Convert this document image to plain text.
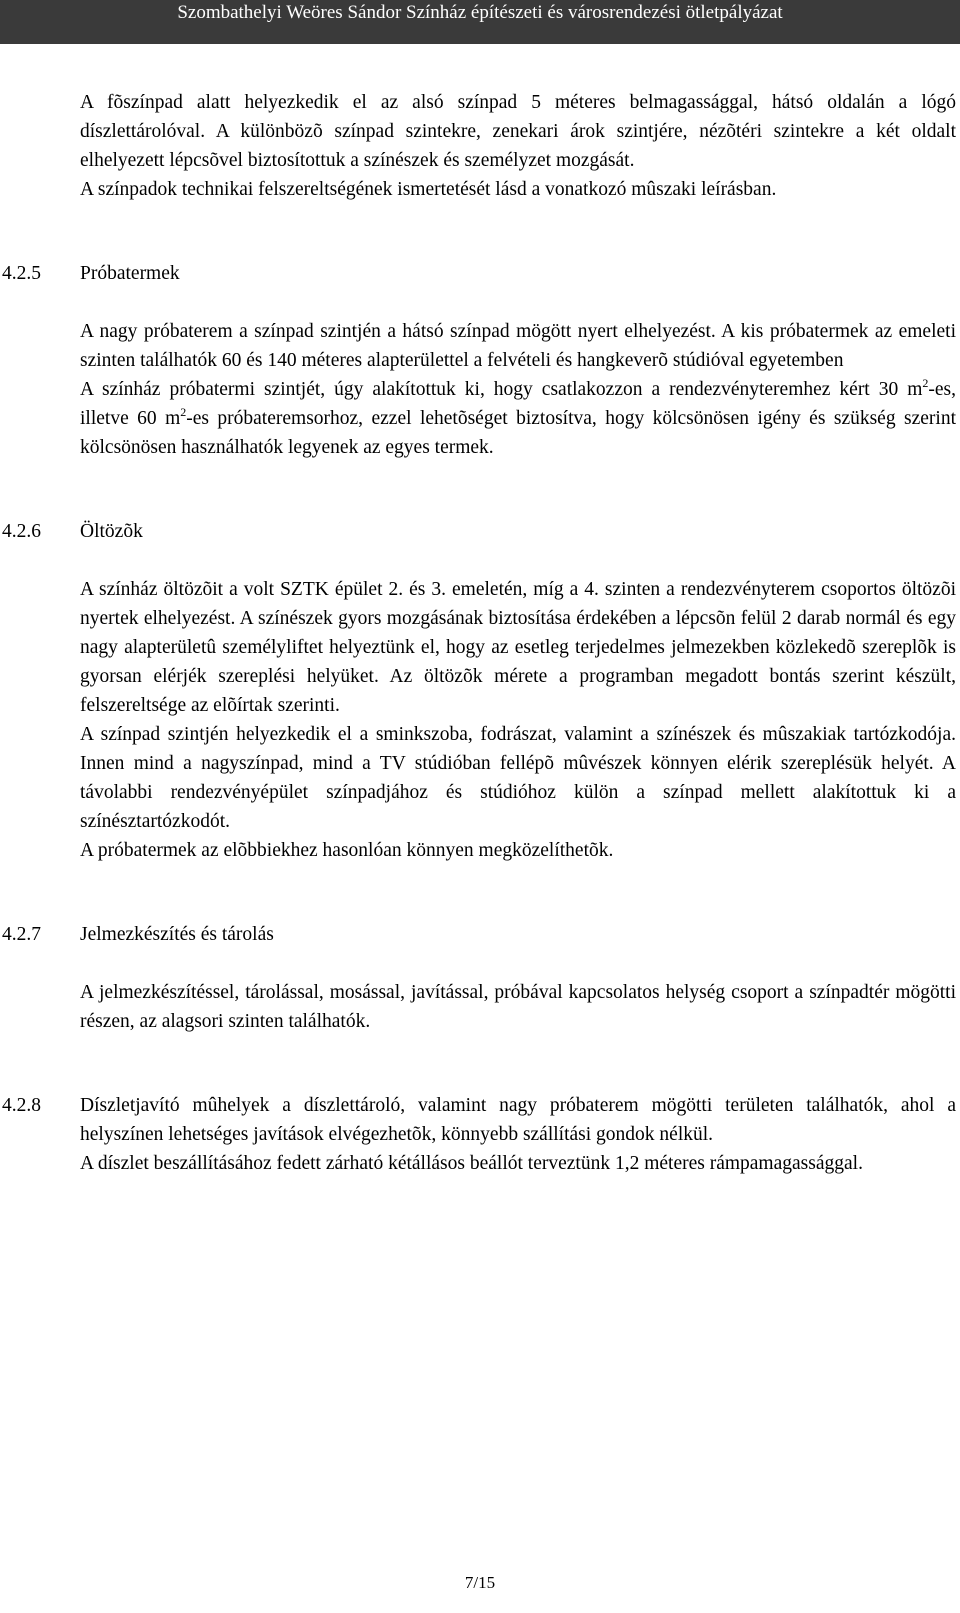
Szombathelyi Weöres Sándor Színház építészeti és városrendezési ötletpályázat

A fõszínpad alatt helyezkedik el az alsó színpad 5 méteres belmagassággal, hátsó oldalán a lógó díszlettárolóval. A különbözõ színpad szintekre, zenekari árok szintjére, nézõtéri szintekre a két oldalt elhelyezett lépcsõvel biztosítottuk a színészek és személyzet mozgását.

A színpadok technikai felszereltségének ismertetését lásd a vonatkozó mûszaki leírásban.

4.2.5 Próbatermek

A nagy próbaterem a színpad szintjén a hátsó színpad mögött nyert elhelyezést. A kis próbatermek az emeleti szinten találhatók 60 és 140 méteres alapterülettel a felvételi és hangkeverõ stúdióval egyetemben

A színház próbatermi szintjét, úgy alakítottuk ki, hogy csatlakozzon a rendezvényteremhez kért 30 $m^2-es$, illetve 60 $m^2-es$ próbateremsorhoz, ezzel lehetõséget biztosítva, hogy kölcsönösen igény és szükség szerint kölcsönösen használhatók legyenek az egyes termek.

4.2.6 Öltözõk

A színház öltözõit a volt SZTK épület 2. és 3. emeletén, míg a 4. szinten a rendezvényterem csoportos öltözõi nyertek elhelyezést. A színészek gyors mozgásának biztosítása érdekében a lépcsõn felül 2 darab normál és egy nagy alapterületû személyliftet helyeztünk el, hogy az esetleg terjedelmes jelmezekben közlekedõ szereplõk is gyorsan elérjék szereplési helyüket. Az öltözõk mérete a programban megadott bontás szerint készült, felszereltsége az elõírtak szerinti.

A színpad szintjén helyezkedik el a sminkszoba, fodrászat, valamint a színészek és mûszakiak tartózkodója. Innen mind a nagyszínpad, mind a TV stúdióban fellépõ mûvészek könnyen elérik szereplésük helyét. A távolabbi rendezvényépület színpadjához és stúdióhoz külön a színpad mellett alakítottuk ki a színésztartózkodót.

A próbatermek az elõbbiekhez hasonlóan könnyen megközelíthetõk.

4.2.7 Jelmezkészítés és tárolás

A jelmezkészítéssel, tárolással, mosással, javítással, próbával kapcsolatos helység csoport a színpadtér mögötti részen, az alagsori szinten találhatók.

4.2.8 Díszletjavító mûhelyek a díszlettároló, valamint nagy próbaterem mögötti területen találhatók, ahol a helyszínen lehetséges javítások elvégezhetõk, könnyebb szállítási gondok nélkül.

A díszlet beszállításához fedett zárható kétállásos beállót terveztünk 1,2 méteres rámpamagassággal.

7/15
